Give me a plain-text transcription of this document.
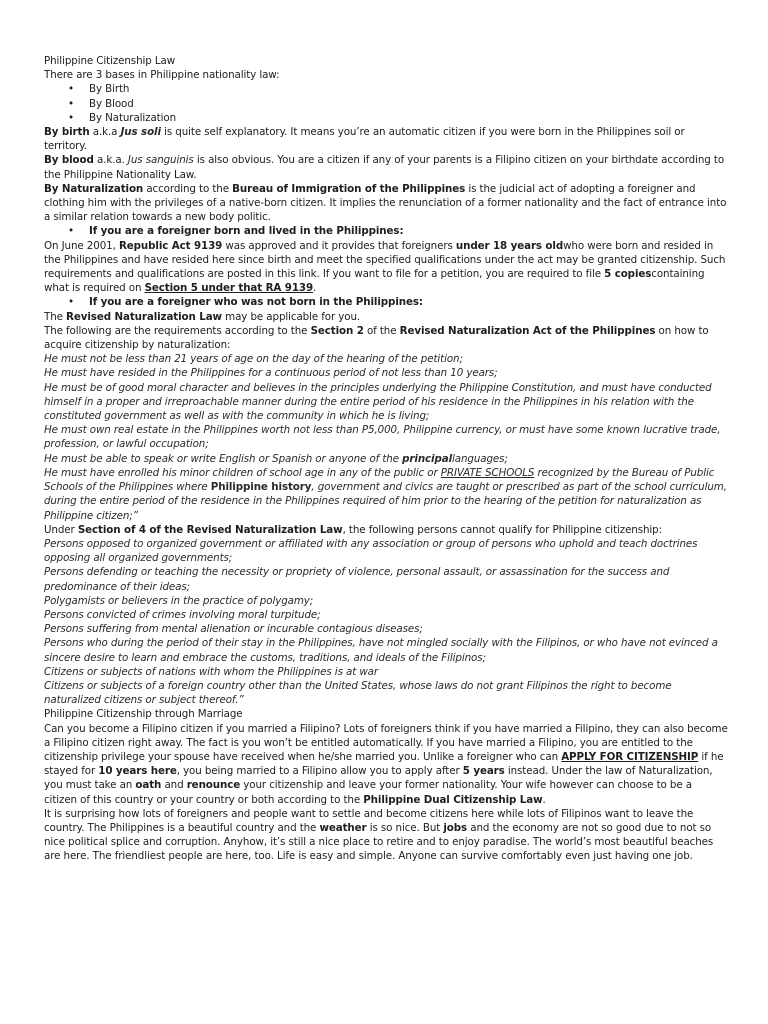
Philippine Citizenship Law

There are 3 bases in Philippine nationality law:

• By Birth
• By Blood
• By Naturalization

By birth a.k.a Jus soli is quite self explanatory. It means you’re an automatic citizen if you were born in the Philippines soil or territory.

By blood a.k.a. Jus sanguinis is also obvious. You are a citizen if any of your parents is a Filipino citizen on your birthdate according to the Philippine Nationality Law.

By Naturalization according to the Bureau of Immigration of the Philippines is the judicial act of adopting a foreigner and clothing him with the privileges of a native-born citizen. It implies the renunciation of a former nationality and the fact of entrance into a similar relation towards a new body politic.

• If you are a foreigner born and lived in the Philippines:

On June 2001, Republic Act 9139 was approved and it provides that foreigners under 18 years oldwho were born and resided in the Philippines and have resided here since birth and meet the specified qualifications under the act may be granted citizenship. Such requirements and qualifications are posted in this link. If you want to file for a petition, you are required to file 5 copiescontaining what is required on Section 5 under that RA 9139.

• If you are a foreigner who was not born in the Philippines:

The Revised Naturalization Law may be applicable for you.

The following are the requirements according to the Section 2 of the Revised Naturalization Act of the Philippines on how to acquire citizenship by naturalization:

He must not be less than 21 years of age on the day of the hearing of the petition;

He must have resided in the Philippines for a continuous period of not less than 10 years;

He must be of good moral character and believes in the principles underlying the Philippine Constitution, and must have conducted himself in a proper and irreproachable manner during the entire period of his residence in the Philippines in his relation with the constituted government as well as with the community in which he is living;

He must own real estate in the Philippines worth not less than P5,000, Philippine currency, or must have some known lucrative trade, profession, or lawful occupation;

He must be able to speak or write English or Spanish or anyone of the principallanguages;

He must have enrolled his minor children of school age in any of the public or PRIVATE SCHOOLS recognized by the Bureau of Public Schools of the Philippines where Philippine history, government and civics are taught or prescribed as part of the school curriculum, during the entire period of the residence in the Philippines required of him prior to the hearing of the petition for naturalization as Philippine citizen;”

Under Section of 4 of the Revised Naturalization Law, the following persons cannot qualify for Philippine citizenship:

Persons opposed to organized government or affiliated with any association or group of persons who uphold and teach doctrines opposing all organized governments;

Persons defending or teaching the necessity or propriety of violence, personal assault, or assassination for the success and predominance of their ideas;

Polygamists or believers in the practice of polygamy;

Persons convicted of crimes involving moral turpitude;

Persons suffering from mental alienation or incurable contagious diseases;

Persons who during the period of their stay in the Philippines, have not mingled socially with the Filipinos, or who have not evinced a sincere desire to learn and embrace the customs, traditions, and ideals of the Filipinos;

Citizens or subjects of nations with whom the Philippines is at war

Citizens or subjects of a foreign country other than the United States, whose laws do not grant Filipinos the right to become naturalized citizens or subject thereof.”

Philippine Citizenship through Marriage

Can you become a Filipino citizen if you married a Filipino? Lots of foreigners think if you have married a Filipino, they can also become a Filipino citizen right away. The fact is you won’t be entitled automatically. If you have married a Filipino, you are entitled to the citizenship privilege your spouse have received when he/she married you. Unlike a foreigner who can APPLY FOR CITIZENSHIP if he stayed for 10 years here, you being married to a Filipino allow you to apply after 5 years instead. Under the law of Naturalization, you must take an oath and renounce your citizenship and leave your former nationality. Your wife however can choose to be a citizen of this country or your country or both according to the Philippine Dual Citizenship Law.

It is surprising how lots of foreigners and people want to settle and become citizens here while lots of Filipinos want to leave the country. The Philippines is a beautiful country and the weather is so nice. But jobs and the economy are not so good due to not so nice political splice and corruption. Anyhow, it’s still a nice place to retire and to enjoy paradise. The world’s most beautiful beaches are here. The friendliest people are here, too. Life is easy and simple. Anyone can survive comfortably even just having one job.
